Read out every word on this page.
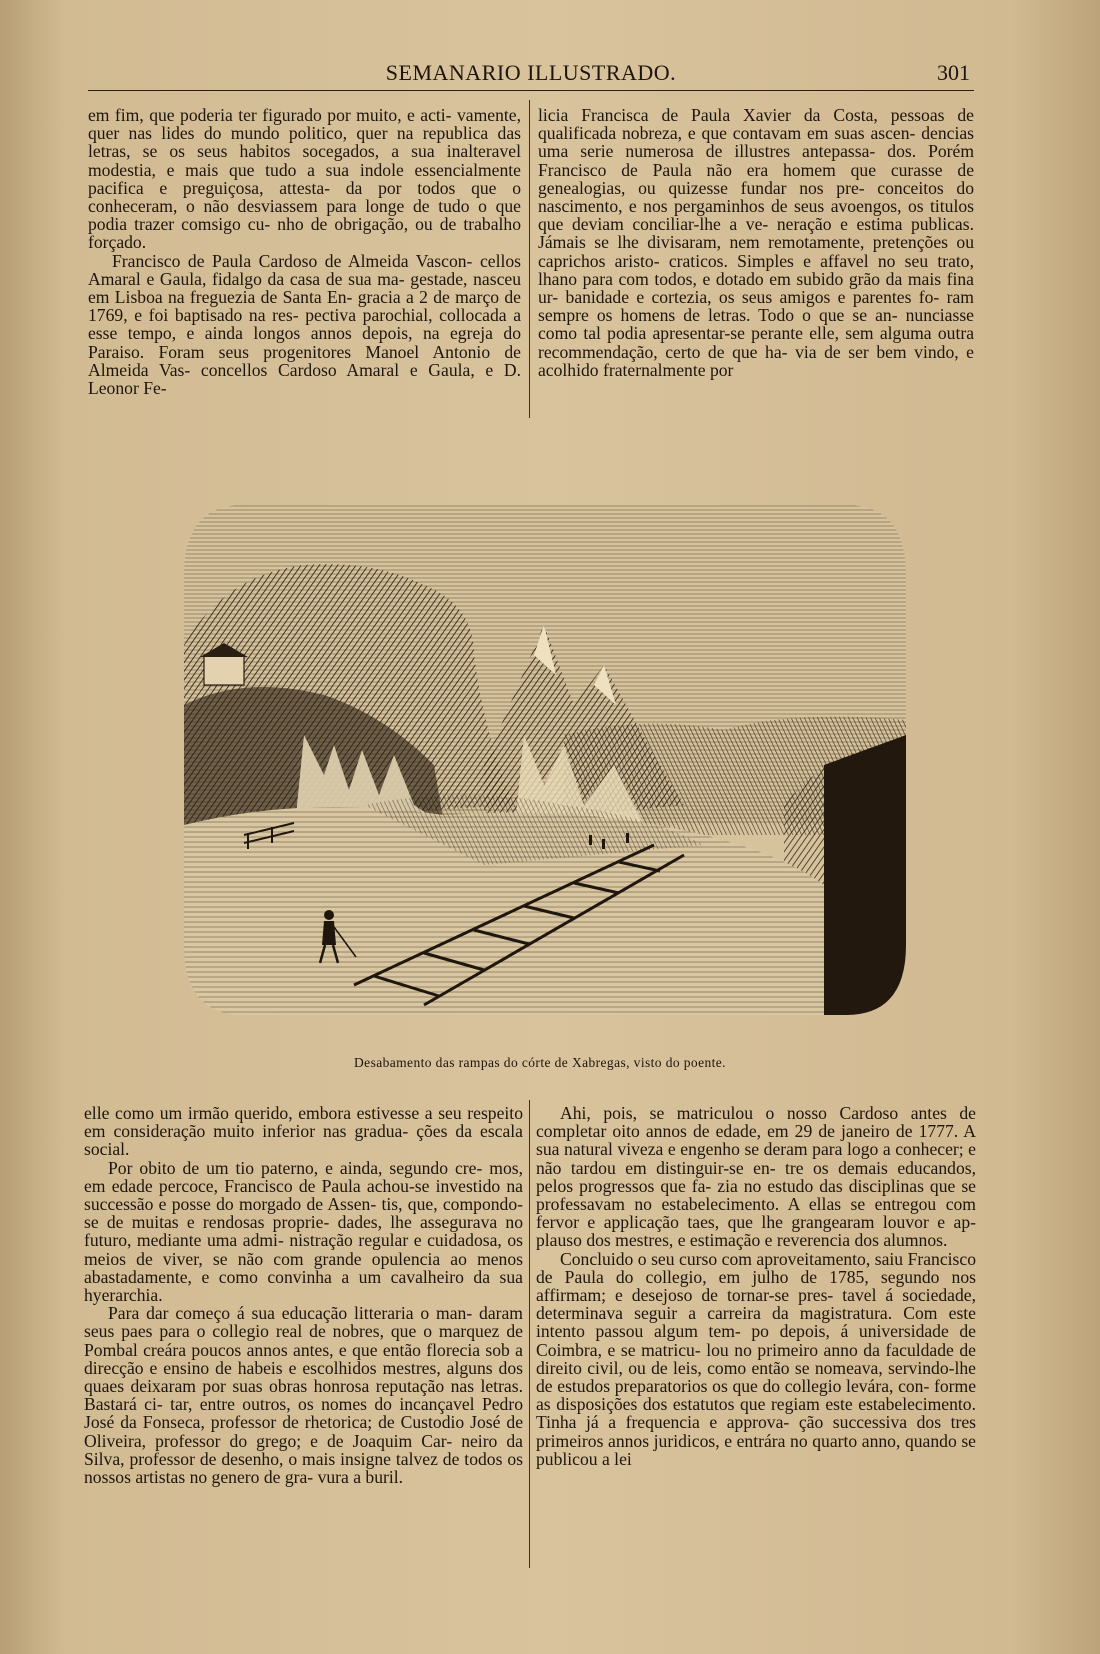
SEMANARIO ILLUSTRADO.	301

em fim, que poderia ter figurado por muito, e acti- vamente, quer nas lides do mundo politico, quer na republica das letras, se os seus habitos socegados, a sua inalteravel modestia, e mais que tudo a sua indole essencialmente pacifica e preguiçosa, attesta- da por todos que o conheceram, o não desviassem para longe de tudo o que podia trazer comsigo cu- nho de obrigação, ou de trabalho forçado.

Francisco de Paula Cardoso de Almeida Vascon- cellos Amaral e Gaula, fidalgo da casa de sua ma- gestade, nasceu em Lisboa na freguezia de Santa En- gracia a 2 de março de 1769, e foi baptisado na res- pectiva parochial, collocada a esse tempo, e ainda longos annos depois, na egreja do Paraiso. Foram seus progenitores Manoel Antonio de Almeida Vas- concellos Cardoso Amaral e Gaula, e D. Leonor Fe-

licia Francisca de Paula Xavier da Costa, pessoas de qualificada nobreza, e que contavam em suas ascen- dencias uma serie numerosa de illustres antepassa- dos. Porém Francisco de Paula não era homem que curasse de genealogias, ou quizesse fundar nos pre- conceitos do nascimento, e nos pergaminhos de seus avoengos, os titulos que deviam conciliar-lhe a ve- neração e estima publicas. Jámais se lhe divisaram, nem remotamente, pretenções ou caprichos aristo- craticos. Simples e affavel no seu trato, lhano para com todos, e dotado em subido grão da mais fina ur- banidade e cortezia, os seus amigos e parentes fo- ram sempre os homens de letras. Todo o que se an- nunciasse como tal podia apresentar-se perante elle, sem alguma outra recommendação, certo de que ha- via de ser bem vindo, e acolhido fraternalmente por

Desabamento das rampas do córte de Xabregas, visto do poente.

elle como um irmão querido, embora estivesse a seu respeito em consideração muito inferior nas gradua- ções da escala social.

Por obito de um tio paterno, e ainda, segundo cre- mos, em edade percoce, Francisco de Paula achou-se investido na successão e posse do morgado de Assen- tis, que, compondo-se de muitas e rendosas proprie- dades, lhe assegurava no futuro, mediante uma admi- nistração regular e cuidadosa, os meios de viver, se não com grande opulencia ao menos abastadamente, e como convinha a um cavalheiro da sua hyerarchia.

Para dar começo á sua educação litteraria o man- daram seus paes para o collegio real de nobres, que o marquez de Pombal creára poucos annos antes, e que então florecia sob a direcção e ensino de habeis e escolhidos mestres, alguns dos quaes deixaram por suas obras honrosa reputação nas letras. Bastará ci- tar, entre outros, os nomes do incançavel Pedro José da Fonseca, professor de rhetorica; de Custodio José de Oliveira, professor do grego; e de Joaquim Car- neiro da Silva, professor de desenho, o mais insigne talvez de todos os nossos artistas no genero de gra- vura a buril.

Ahi, pois, se matriculou o nosso Cardoso antes de completar oito annos de edade, em 29 de janeiro de 1777. A sua natural viveza e engenho se deram para logo a conhecer; e não tardou em distinguir-se en- tre os demais educandos, pelos progressos que fa- zia no estudo das disciplinas que se professavam no estabelecimento. A ellas se entregou com fervor e applicação taes, que lhe grangearam louvor e ap- plauso dos mestres, e estimação e reverencia dos alumnos.

Concluido o seu curso com aproveitamento, saiu Francisco de Paula do collegio, em julho de 1785, segundo nos affirmam; e desejoso de tornar-se pres- tavel á sociedade, determinava seguir a carreira da magistratura. Com este intento passou algum tem- po depois, á universidade de Coimbra, e se matricu- lou no primeiro anno da faculdade de direito civil, ou de leis, como então se nomeava, servindo-lhe de estudos preparatorios os que do collegio levára, con- forme as disposições dos estatutos que regiam este estabelecimento. Tinha já a frequencia e approva- ção successiva dos tres primeiros annos juridicos, e entrára no quarto anno, quando se publicou a lei
